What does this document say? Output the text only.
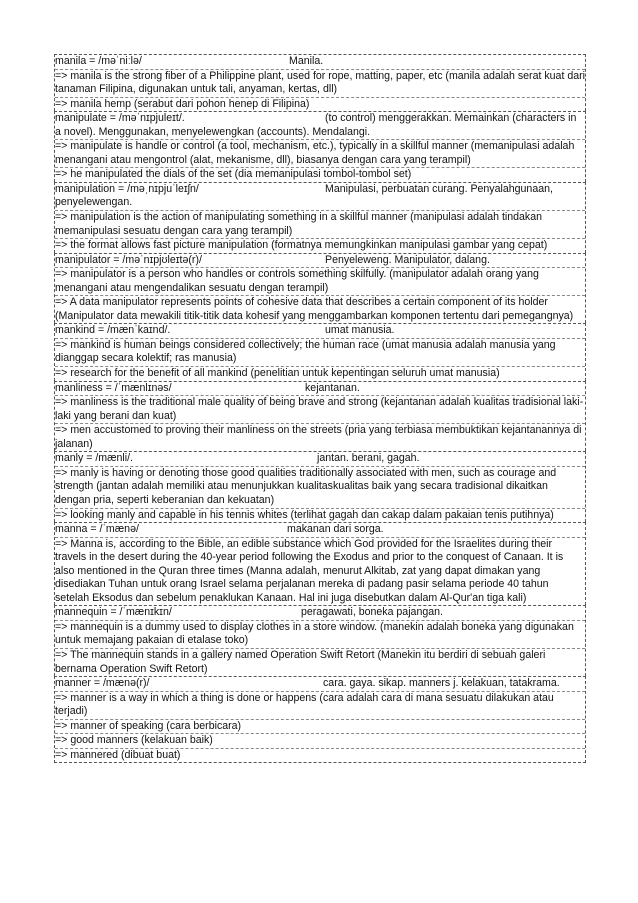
manila = /məˈniːlə/	Manila.
=> manila is the strong fiber of a Philippine plant, used for rope, matting, paper, etc (manila adalah serat kuat dari tanaman Filipina, digunakan untuk tali, anyaman, kertas, dll)
=> manila hemp (serabut dari pohon henep di Filipina)
manipulate = /məˈnɪpjuleɪt/.	(to control) menggerakkan. Memainkan (characters in a novel). Menggunakan, menyelewengkan (accounts). Mendalangi.
=> manipulate is handle or control (a tool, mechanism, etc.), typically in a skillful manner (memanipulasi adalah menangani atau mengontrol (alat, mekanisme, dll), biasanya dengan cara yang terampil)
=> he manipulated the dials of the set (dia memanipulasi tombol-tombol set)
manipulation = /məˌnɪpjuˈleɪʃn/	Manipulasi, perbuatan curang. Penyalahgunaan, penyelewengan.
=> manipulation is the action of manipulating something in a skillful manner (manipulasi adalah tindakan memanipulasi sesuatu dengan cara yang terampil)
=> the format allows fast picture manipulation (formatnya memungkinkan manipulasi gambar yang cepat)
manipulator = /məˈnɪpjʊleɪtə(r)/	Penyeleweng. Manipulator, dalang.
=> manipulator is a person who handles or controls something skilfully. (manipulator adalah orang yang menangani atau mengendalikan sesuatu dengan terampil)
=> A data manipulator represents points of cohesive data that describes a certain component of its holder (Manipulator data mewakili titik-titik data kohesif yang menggambarkan komponen tertentu dari pemegangnya)
mankind = /mænˈkaɪnd/.	umat manusia.
=> mankind is human beings considered collectively; the human race (umat manusia adalah manusia yang dianggap secara kolektif; ras manusia)
=> research for the benefit of all mankind (penelitian untuk kepentingan seluruh umat manusia)
manliness = /ˈmænlɪnəs/	kejantanan.
=> manliness is the traditional male quality of being brave and strong (kejantanan adalah kualitas tradisional laki-laki yang berani dan kuat)
=> men accustomed to proving their manliness on the streets (pria yang terbiasa membuktikan kejantanannya di jalanan)
manly = /mænli/.	jantan. berani, gagah.
=> manly is having or denoting those good qualities traditionally associated with men, such as courage and strength (jantan adalah memiliki atau menunjukkan kualitaskualitas baik yang secara tradisional dikaitkan dengan pria, seperti keberanian dan kekuatan)
=> looking manly and capable in his tennis whites (terlihat gagah dan cakap dalam pakaian tenis putihnya)
manna = /ˈmænə/	makanan dari sorga.
=> Manna is, according to the Bible, an edible substance which God provided for the Israelites during their travels in the desert during the 40-year period following the Exodus and prior to the conquest of Canaan. It is also mentioned in the Quran three times (Manna adalah, menurut Alkitab, zat yang dapat dimakan yang disediakan Tuhan untuk orang Israel selama perjalanan mereka di padang pasir selama periode 40 tahun setelah Eksodus dan sebelum penaklukan Kanaan. Hal ini juga disebutkan dalam Al-Qur'an tiga kali)
mannequin = /ˈmænɪkɪn/	peragawati, boneka pajangan.
=> mannequin is a dummy used to display clothes in a store window. (manekin adalah boneka yang digunakan untuk memajang pakaian di etalase toko)
=> The mannequin stands in a gallery named Operation Swift Retort (Manekin itu berdiri di sebuah galeri bernama Operation Swift Retort)
manner = /mænə(r)/	cara. gaya. sikap. manners j. kelakuan, tatakrama.
=> manner is a way in which a thing is done or happens (cara adalah cara di mana sesuatu dilakukan atau terjadi)
=> manner of speaking (cara berbicara)
=> good manners (kelakuan baik)
=> mannered (dibuat buat)
